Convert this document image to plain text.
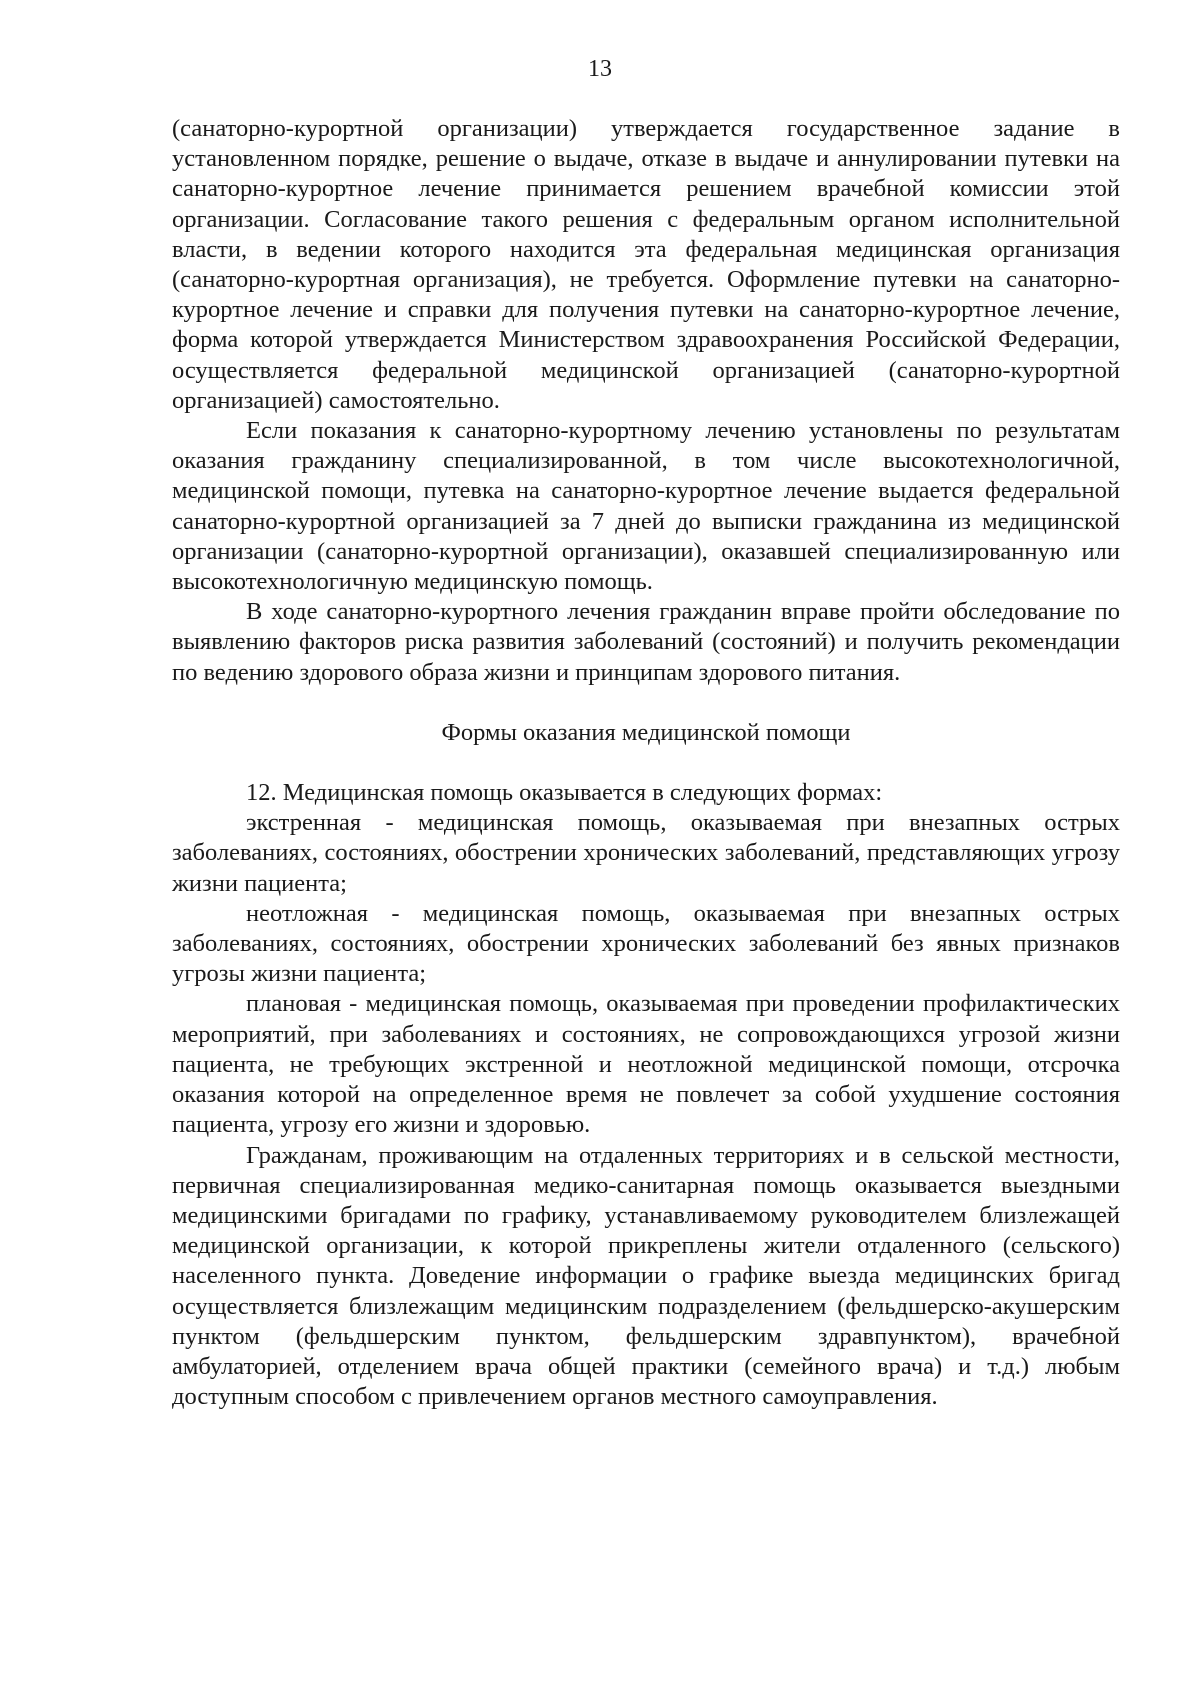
13

(санаторно-курортной организации) утверждается государственное задание в установленном порядке, решение о выдаче, отказе в выдаче и аннулировании путевки на санаторно-курортное лечение принимается решением врачебной комиссии этой организации. Согласование такого решения с федеральным органом исполнительной власти, в ведении которого находится эта федеральная медицинская организация (санаторно-курортная организация), не требуется. Оформление путевки на санаторно-курортное лечение и справки для получения путевки на санаторно-курортное лечение, форма которой утверждается Министерством здравоохранения Российской Федерации, осуществляется федеральной медицинской организацией (санаторно-курортной организацией) самостоятельно.

Если показания к санаторно-курортному лечению установлены по результатам оказания гражданину специализированной, в том числе высокотехнологичной, медицинской помощи, путевка на санаторно-курортное лечение выдается федеральной санаторно-курортной организацией за 7 дней до выписки гражданина из медицинской организации (санаторно-курортной организации), оказавшей специализированную или высокотехнологичную медицинскую помощь.

В ходе санаторно-курортного лечения гражданин вправе пройти обследование по выявлению факторов риска развития заболеваний (состояний) и получить рекомендации по ведению здорового образа жизни и принципам здорового питания.

Формы оказания медицинской помощи

12. Медицинская помощь оказывается в следующих формах:

экстренная - медицинская помощь, оказываемая при внезапных острых заболеваниях, состояниях, обострении хронических заболеваний, представляющих угрозу жизни пациента;

неотложная - медицинская помощь, оказываемая при внезапных острых заболеваниях, состояниях, обострении хронических заболеваний без явных признаков угрозы жизни пациента;

плановая - медицинская помощь, оказываемая при проведении профилактических мероприятий, при заболеваниях и состояниях, не сопровождающихся угрозой жизни пациента, не требующих экстренной и неотложной медицинской помощи, отсрочка оказания которой на определенное время не повлечет за собой ухудшение состояния пациента, угрозу его жизни и здоровью.

Гражданам, проживающим на отдаленных территориях и в сельской местности, первичная специализированная медико-санитарная помощь оказывается выездными медицинскими бригадами по графику, устанавливаемому руководителем близлежащей медицинской организации, к которой прикреплены жители отдаленного (сельского) населенного пункта. Доведение информации о графике выезда медицинских бригад осуществляется близлежащим медицинским подразделением (фельдшерско-акушерским пунктом (фельдшерским пунктом, фельдшерским здравпунктом), врачебной амбулаторией, отделением врача общей практики (семейного врача) и т.д.) любым доступным способом с привлечением органов местного самоуправления.
